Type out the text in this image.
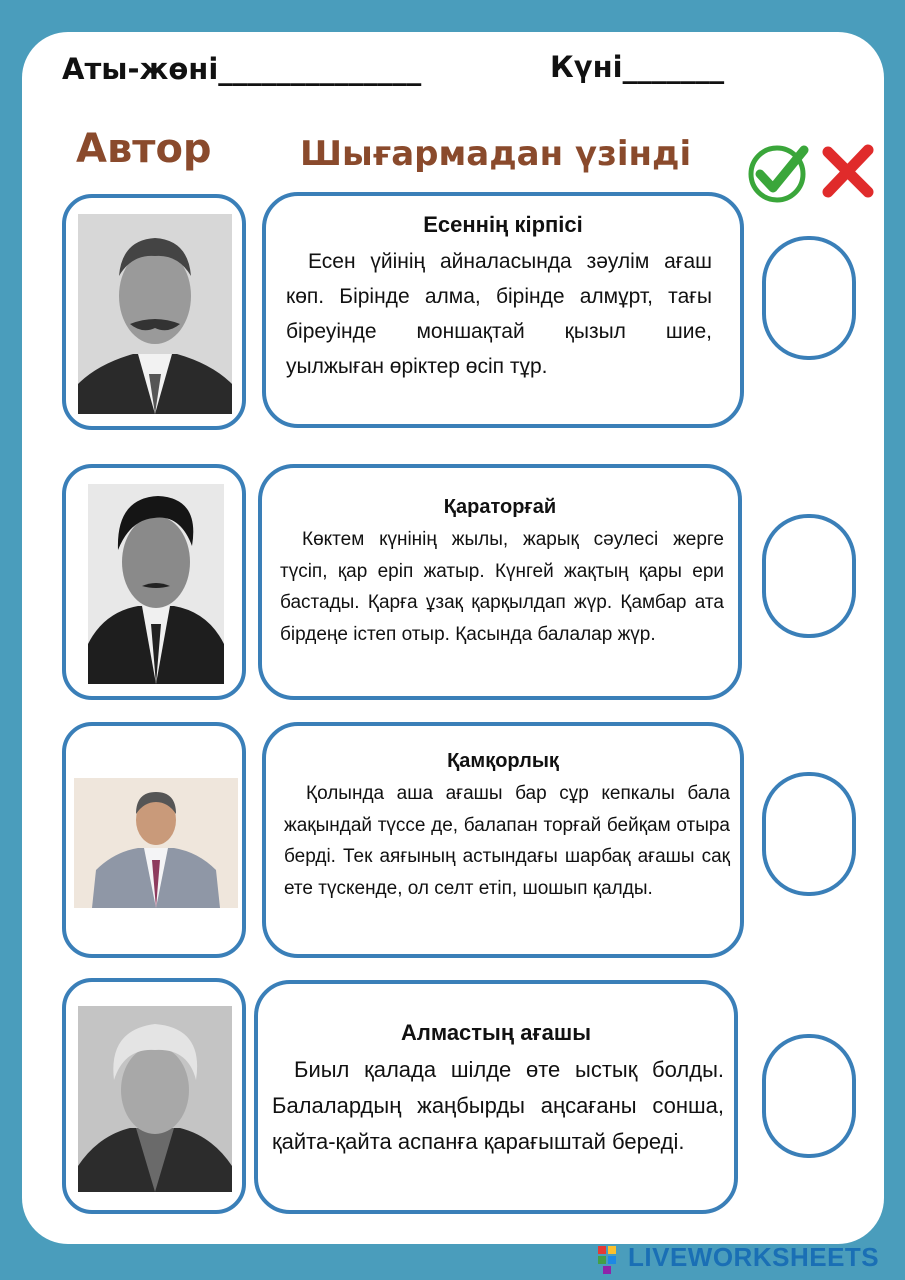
Аты-жөні______________	Күні_______
Автор	Шығармадан үзінді
Есеннің кірпісі
Есен үйінің айналасында зәулім ағаш көп. Бірінде алма, бірінде алмұрт, тағы біреуінде моншақтай қызыл шие, уылжыған өріктер өсіп тұр.
Қараторғай
Көктем күнінің жылы, жарық сәулесі жерге түсіп, қар еріп жатыр. Күнгей жақтың қары ери бастады. Қарға ұзақ қарқылдап жүр. Қамбар ата бірдеңе істеп отыр. Қасында балалар жүр.
Қамқорлық
Қолында аша ағашы бар сұр кепкалы бала жақындай түссе де, балапан торғай бейқам отыра берді. Тек аяғының астындағы шарбақ ағашы сақ ете түскенде, ол селт етіп, шошып қалды.
Алмастың ағашы
Биыл қалада шілде өте ыстық болды. Балалардың жаңбырды аңсағаны сонша, қайта-қайта аспанға қарағыштай береді.
LIVEWORKSHEETS
